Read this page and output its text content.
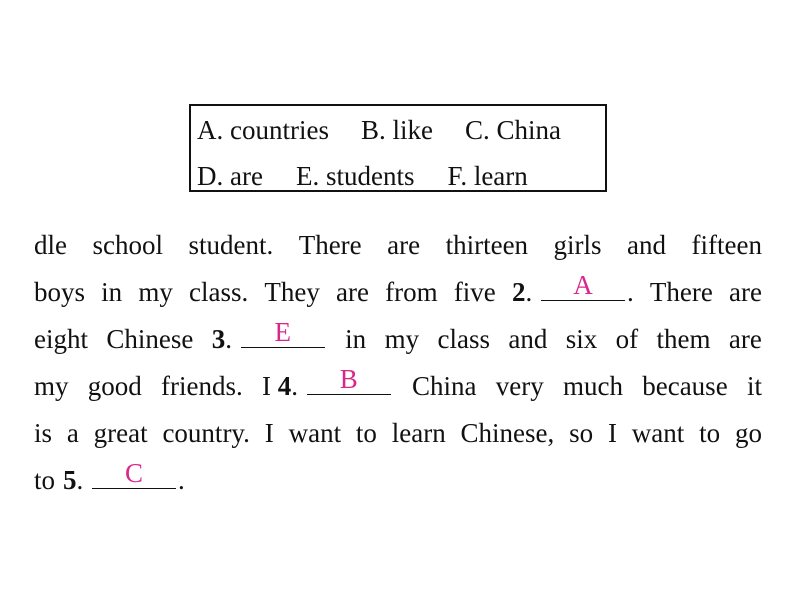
A. countries B. like C. China
D. are E. students F. learn
dle school student. There are thirteen girls and fifteen
boys in my class. They are from five 2.	A	. There are
eight Chinese 3.	E	in my class and six of them are
my good friends. I 4.	B	China very much because it
is a great country. I want to learn Chinese, so I want to go
to 5.	C	.
